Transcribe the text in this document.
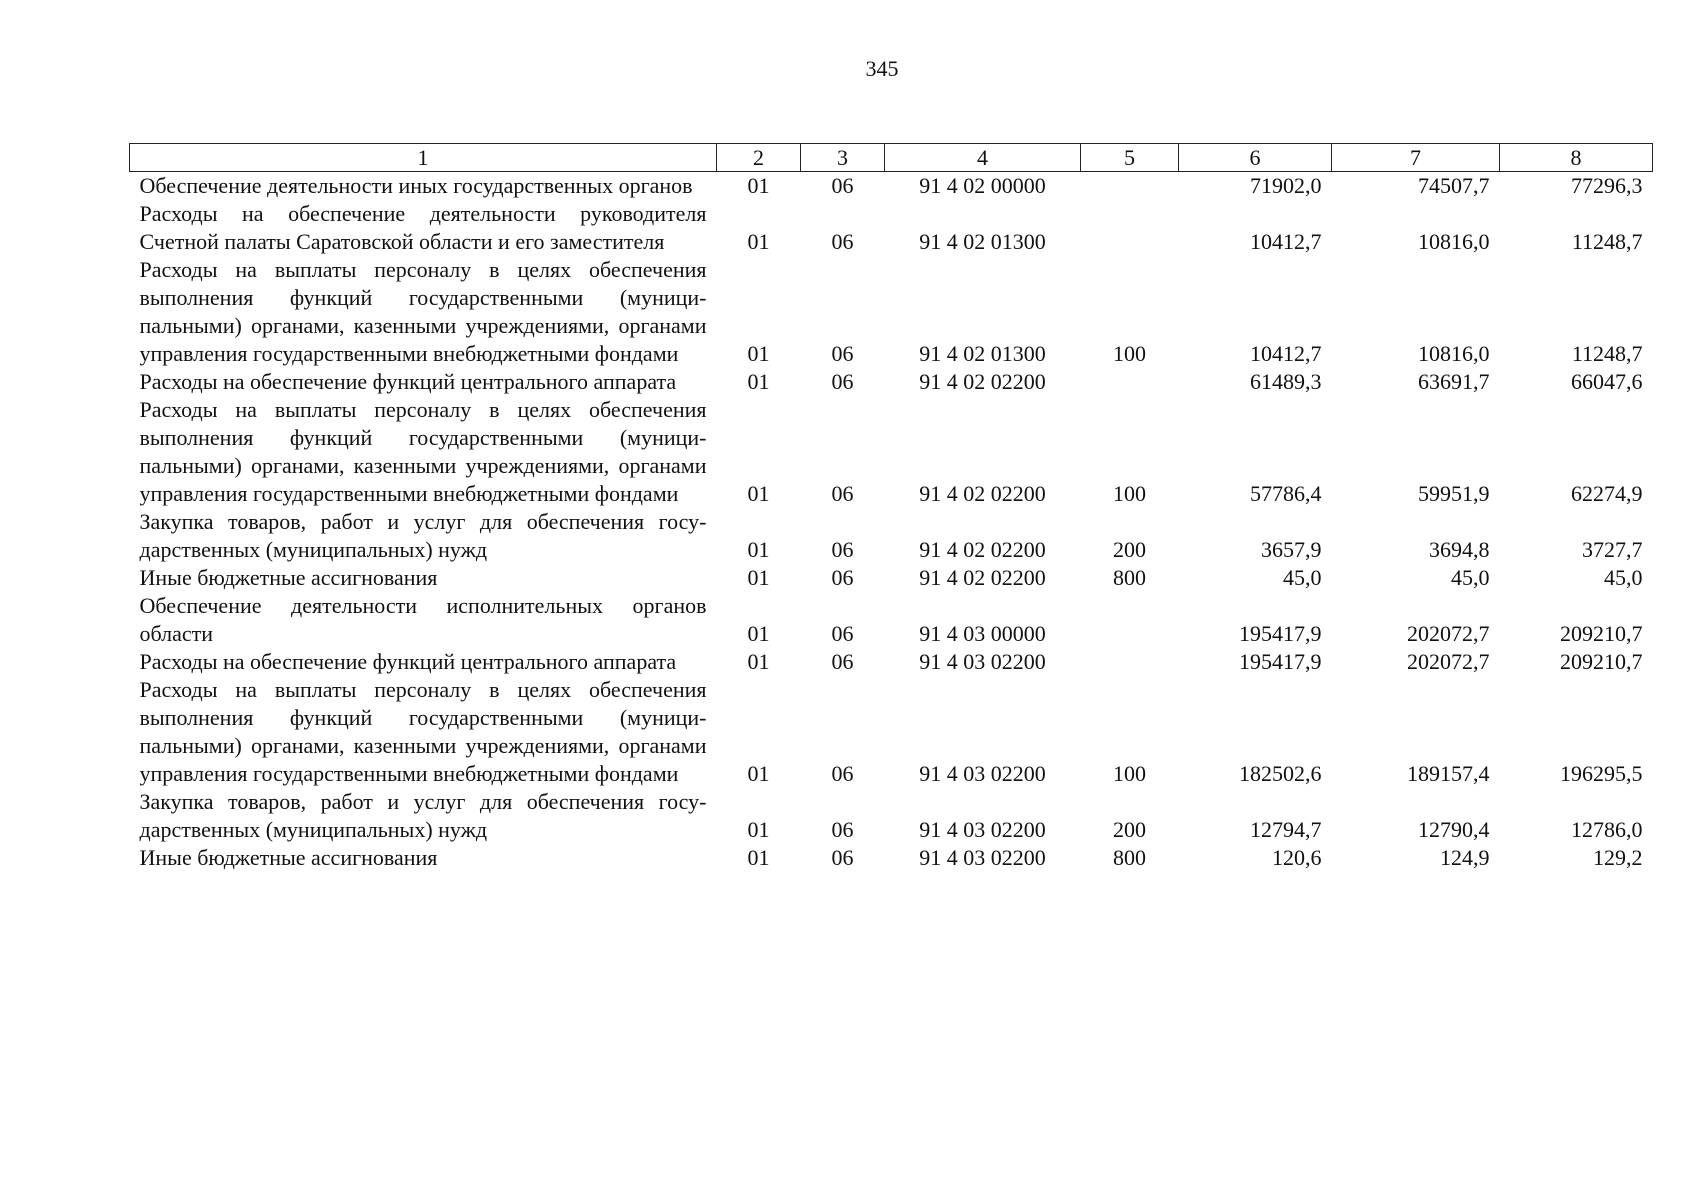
345
1	2	3	4	5	6	7	8
Обеспечение деятельности иных государственных органов	01	06	91 4 02 00000		71902,0	74507,7	77296,3
Расходы на обеспечение деятельности руководителя Счетной палаты Саратовской области и его заместителя	01	06	91 4 02 01300		10412,7	10816,0	11248,7
Расходы на выплаты персоналу в целях обеспечения выполнения функций государственными (муниципальными) органами, казенными учреждениями, органами управления государственными внебюджетными фондами	01	06	91 4 02 01300	100	10412,7	10816,0	11248,7
Расходы на обеспечение функций центрального аппарата	01	06	91 4 02 02200		61489,3	63691,7	66047,6
Расходы на выплаты персоналу в целях обеспечения выполнения функций государственными (муниципальными) органами, казенными учреждениями, органами управления государственными внебюджетными фондами	01	06	91 4 02 02200	100	57786,4	59951,9	62274,9
Закупка товаров, работ и услуг для обеспечения государственных (муниципальных) нужд	01	06	91 4 02 02200	200	3657,9	3694,8	3727,7
Иные бюджетные ассигнования	01	06	91 4 02 02200	800	45,0	45,0	45,0
Обеспечение деятельности исполнительных органов области	01	06	91 4 03 00000		195417,9	202072,7	209210,7
Расходы на обеспечение функций центрального аппарата	01	06	91 4 03 02200		195417,9	202072,7	209210,7
Расходы на выплаты персоналу в целях обеспечения выполнения функций государственными (муниципальными) органами, казенными учреждениями, органами управления государственными внебюджетными фондами	01	06	91 4 03 02200	100	182502,6	189157,4	196295,5
Закупка товаров, работ и услуг для обеспечения государственных (муниципальных) нужд	01	06	91 4 03 02200	200	12794,7	12790,4	12786,0
Иные бюджетные ассигнования	01	06	91 4 03 02200	800	120,6	124,9	129,2
